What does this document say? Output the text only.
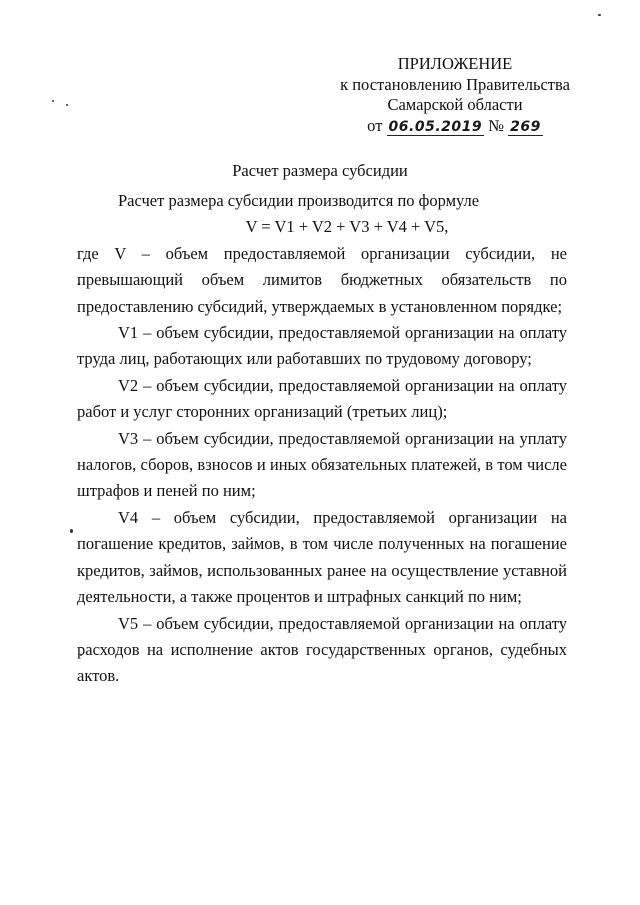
ПРИЛОЖЕНИЕ
к постановлению Правительства
Самарской области
от 06.05.2019 № 269
Расчет размера субсидии

Расчет размера субсидии производится по формуле

V = V1 + V2 + V3 + V4 + V5,

где V – объем предоставляемой организации субсидии, не превышающий объем лимитов бюджетных обязательств по предоставлению субсидий, утверждаемых в установленном порядке;

V1 – объем субсидии, предоставляемой организации на оплату труда лиц, работающих или работавших по трудовому договору;

V2 – объем субсидии, предоставляемой организации на оплату работ и услуг сторонних организаций (третьих лиц);

V3 – объем субсидии, предоставляемой организации на уплату налогов, сборов, взносов и иных обязательных платежей, в том числе штрафов и пеней по ним;

V4 – объем субсидии, предоставляемой организации на погашение кредитов, займов, в том числе полученных на погашение кредитов, займов, использованных ранее на осуществление уставной деятельности, а также процентов и штрафных санкций по ним;

V5 – объем субсидии, предоставляемой организации на оплату расходов на исполнение актов государственных органов, судебных актов.
